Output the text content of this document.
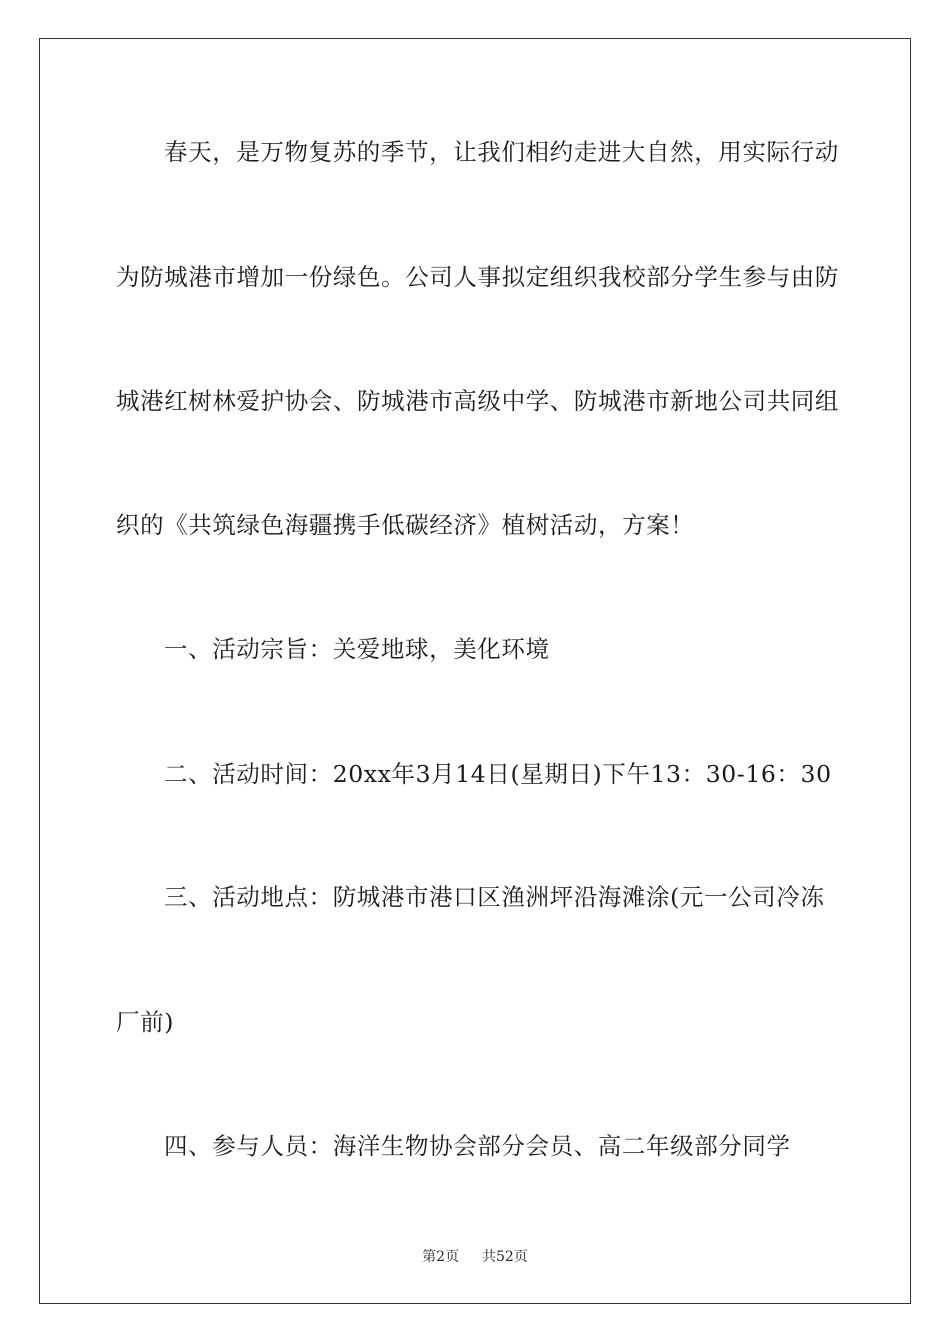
春天，是万物复苏的季节，让我们相约走进大自然，用实际行动
为防城港市增加一份绿色。公司人事拟定组织我校部分学生参与由防
城港红树林爱护协会、防城港市高级中学、防城港市新地公司共同组
织的《共筑绿色海疆携手低碳经济》植树活动，方案！
一、活动宗旨：关爱地球，美化环境
二、活动时间：20xx年3月14日(星期日)下午13：30-16：30
三、活动地点：防城港市港口区渔洲坪沿海滩涂(元一公司冷冻
厂前)
四、参与人员：海洋生物协会部分会员、高二年级部分同学
第2页 共52页
